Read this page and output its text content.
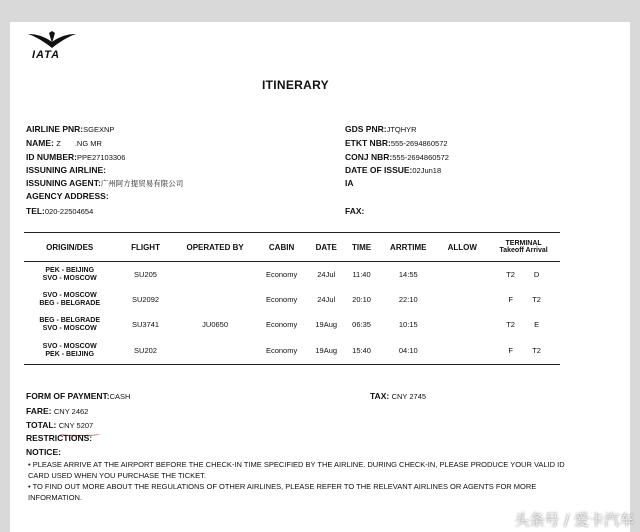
IATA
ITINERARY
AIRLINE PNR:SGEXNP
NAME: Z .NG MR
ID NUMBER:PPE27103306
ISSUNING AIRLINE:
ISSUNING AGENT:广州阿方提贸易有限公司
AGENCY ADDRESS:
TEL:020-22504654
GDS PNR:JTQHYR
ETKT NBR:555-2694860572
CONJ NBR:555-2694860572
DATE OF ISSUE:02Jun18
IA
FAX:
ORIGIN/DES	FLIGHT	OPERATED BY	CABIN	DATE	TIME	ARRTIME	ALLOW	TERMINAL
Takeoff Arrival

PEK - BEIJING
SVO - MOSCOW	SU205		Economy	24Jul	11:40	14:55		T2 D

SVO - MOSCOW
BEG - BELGRADE	SU2092		Economy	24Jul	20:10	22:10		F T2

BEG - BELGRADE
SVO - MOSCOW	SU3741	JU0650	Economy	19Aug	06:35	10:15		T2 E

SVO - MOSCOW
PEK - BEIJING	SU202		Economy	19Aug	15:40	04:10		F T2
FORM OF PAYMENT:CASH	TAX: CNY 2745
FARE: CNY 2462
TOTAL: CNY 5207
RESTRICTIONS:
NOTICE:
• PLEASE ARRIVE AT THE AIRPORT BEFORE THE CHECK-IN TIME SPECIFIED BY THE AIRLINE. DURING CHECK-IN, PLEASE PRODUCE YOUR VALID ID
CARD USED WHEN YOU PURCHASE THE TICKET.
• TO FIND OUT MORE ABOUT THE REGULATIONS OF OTHER AIRLINES, PLEASE REFER TO THE RELEVANT AIRLINES OR AGENTS FOR MORE
INFORMATION.
头条号 / 爱卡汽车
